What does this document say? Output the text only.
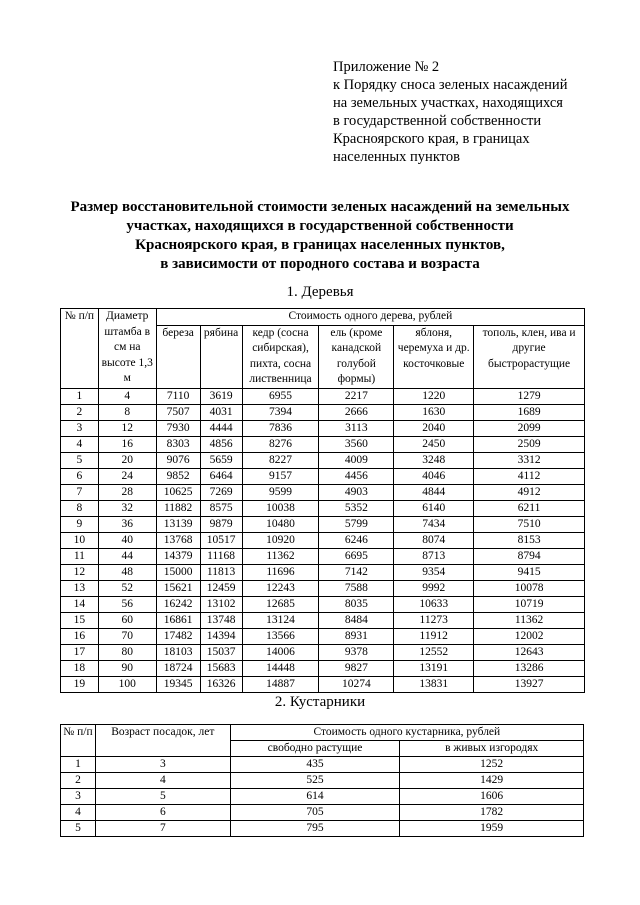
Приложение № 2
к Порядку сноса зеленых насаждений
на земельных участках, находящихся
в государственной собственности
Красноярского края, в границах
населенных пунктов
Размер восстановительной стоимости зеленых насаждений на земельных
участках, находящихся в государственной собственности
Красноярского края, в границах населенных пунктов,
в зависимости от породного состава и возраста
1. Деревья
№ п/п	Диаметр штамба в см на высоте 1,3 м	Стоимость одного дерева, рублей					
		береза	рябина	кедр (сосна сибирская), пихта, сосна лиственница	ель (кроме канадской голубой формы)	яблоня, черемуха и др. косточковые	тополь, клен, ива и другие быстрорастущие
1	4	7110	3619	6955	2217	1220	1279
2	8	7507	4031	7394	2666	1630	1689
3	12	7930	4444	7836	3113	2040	2099
4	16	8303	4856	8276	3560	2450	2509
5	20	9076	5659	8227	4009	3248	3312
6	24	9852	6464	9157	4456	4046	4112
7	28	10625	7269	9599	4903	4844	4912
8	32	11882	8575	10038	5352	6140	6211
9	36	13139	9879	10480	5799	7434	7510
10	40	13768	10517	10920	6246	8074	8153
11	44	14379	11168	11362	6695	8713	8794
12	48	15000	11813	11696	7142	9354	9415
13	52	15621	12459	12243	7588	9992	10078
14	56	16242	13102	12685	8035	10633	10719
15	60	16861	13748	13124	8484	11273	11362
16	70	17482	14394	13566	8931	11912	12002
17	80	18103	15037	14006	9378	12552	12643
18	90	18724	15683	14448	9827	13191	13286
19	100	19345	16326	14887	10274	13831	13927
2. Кустарники
№ п/п	Возраст посадок, лет	Стоимость одного кустарника, рублей	
		свободно растущие	в живых изгородях
1	3	435	1252
2	4	525	1429
3	5	614	1606
4	6	705	1782
5	7	795	1959
